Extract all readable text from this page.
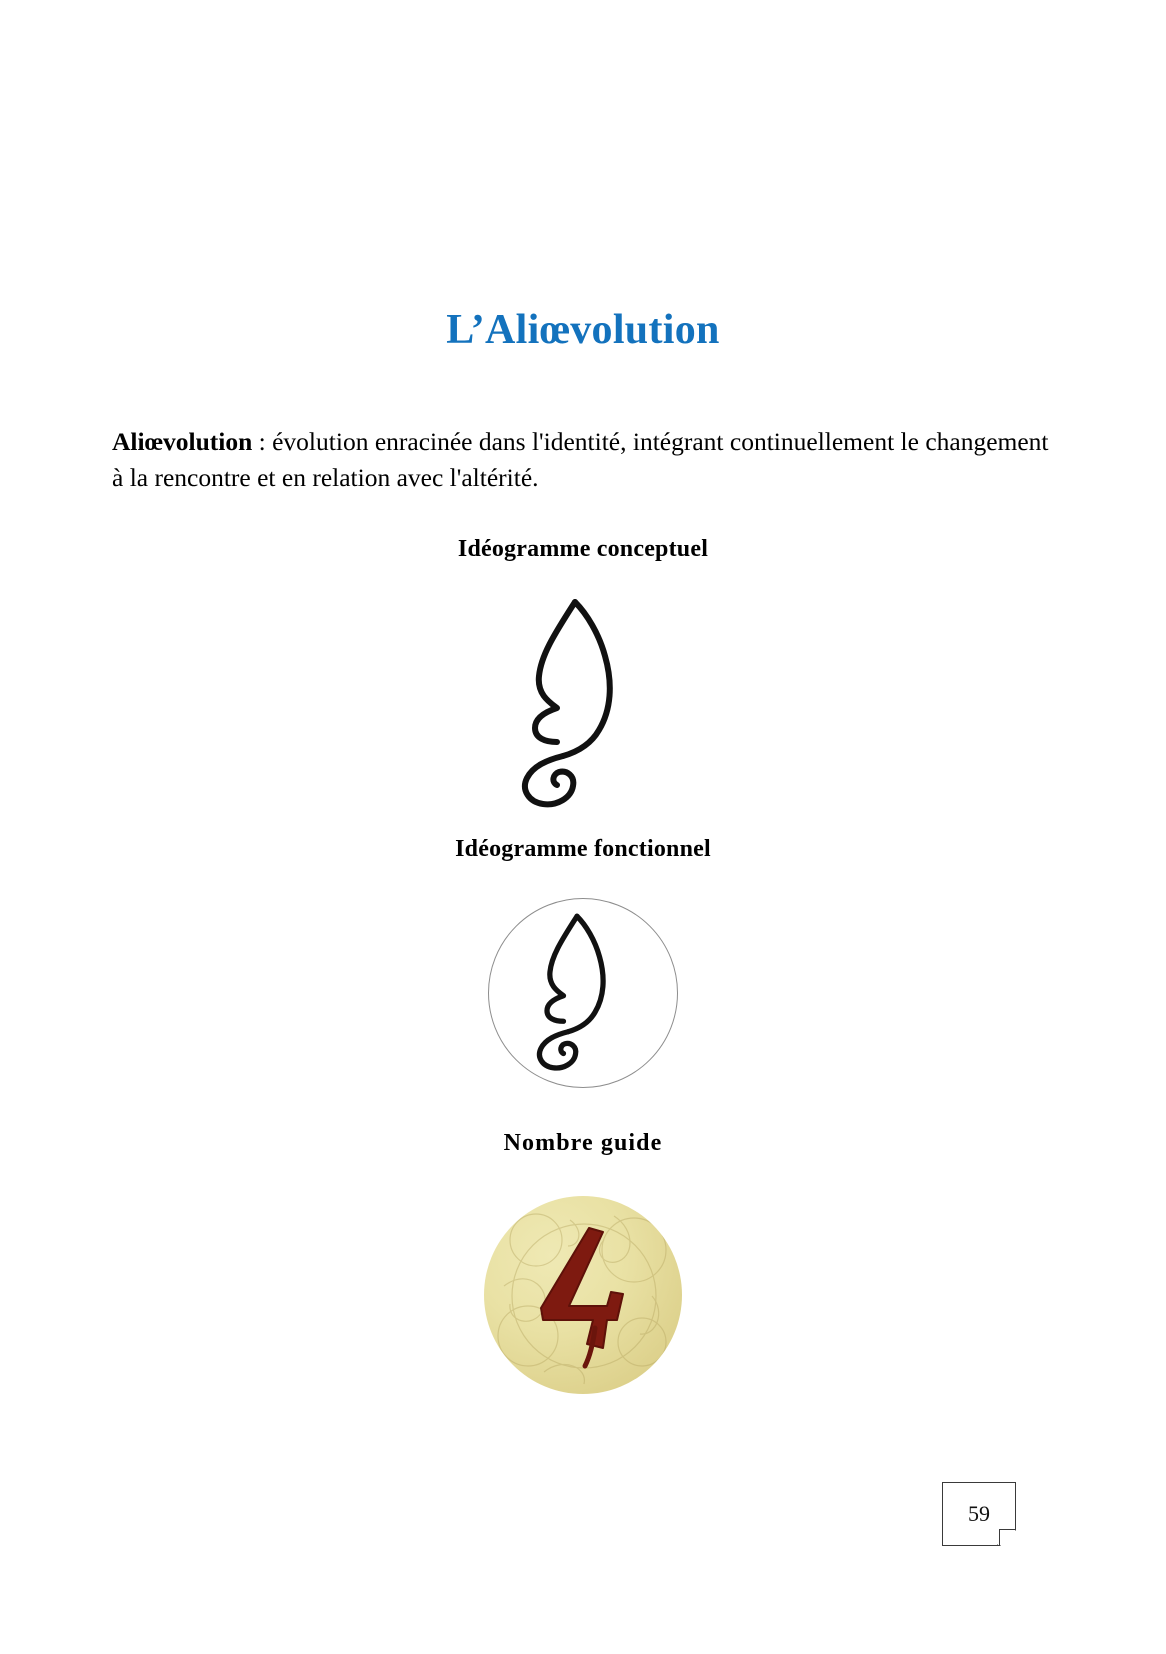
L’Aliœvolution

Aliœvolution : évolution enracinée dans l'identité, intégrant continuellement le changement à la rencontre et en relation avec l'altérité.

Idéogramme conceptuel
Idéogramme fonctionnel
Nombre guide
59
